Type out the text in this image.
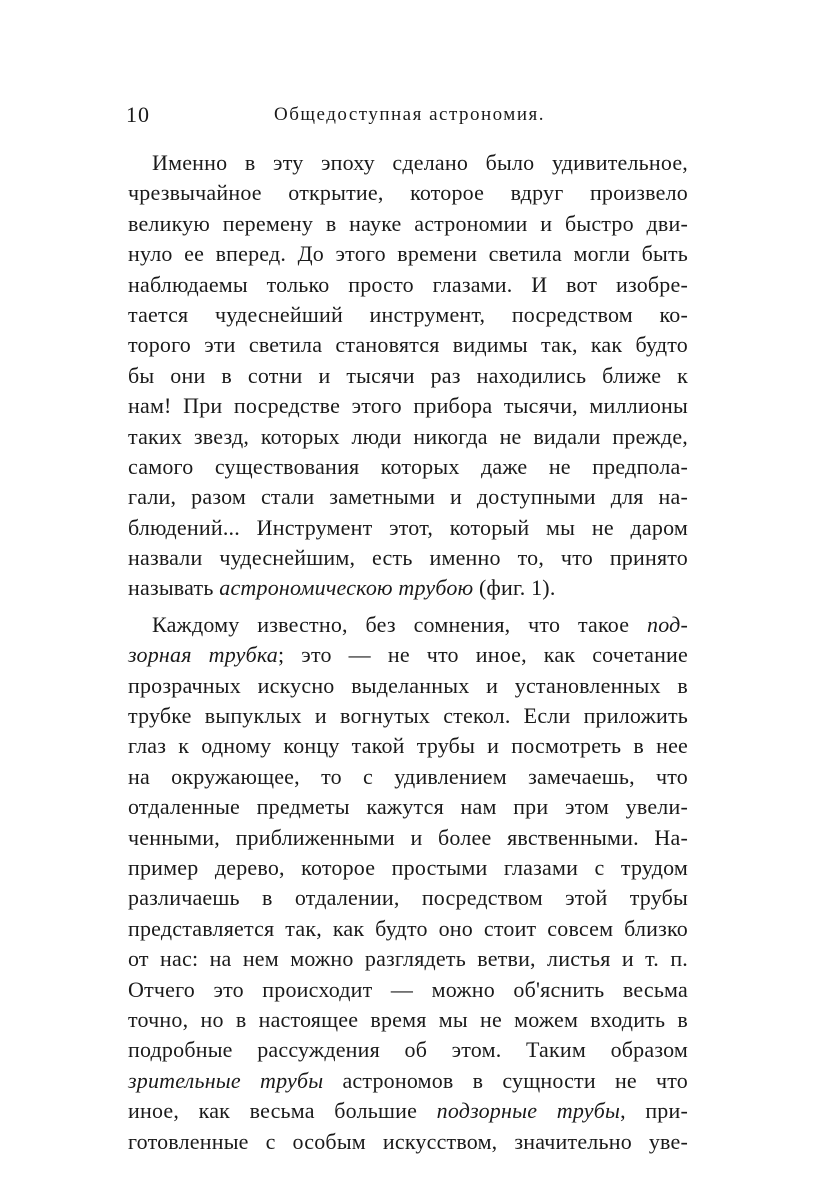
10	Общедоступная астрономия.
Именно в эту эпоху сделано было удивительное,
чрезвычайное открытие, которое вдруг произвело
великую перемену в науке астрономии и быстро дви-
нуло ее вперед. До этого времени светила могли быть
наблюдаемы только просто глазами. И вот изобре-
тается чудеснейший инструмент, посредством ко-
торого эти светила становятся видимы так, как будто
бы они в сотни и тысячи раз находились ближе к
нам! При посредстве этого прибора тысячи, миллионы
таких звезд, которых люди никогда не видали прежде,
самого существования которых даже не предпола-
гали, разом стали заметными и доступными для на-
блюдений... Инструмент этот, который мы не даром
назвали чудеснейшим, есть именно то, что принято
называть астрономическою трубою (фиг. 1).
Каждому известно, без сомнения, что такое под-
зорная трубка; это — не что иное, как сочетание
прозрачных искусно выделанных и установленных в
трубке выпуклых и вогнутых стекол. Если приложить
глаз к одному концу такой трубы и посмотреть в нее
на окружающее, то с удивлением замечаешь, что
отдаленные предметы кажутся нам при этом увели-
ченными, приближенными и более явственными. На-
пример дерево, которое простыми глазами с трудом
различаешь в отдалении, посредством этой трубы
представляется так, как будто оно стоит совсем близко
от нас: на нем можно разглядеть ветви, листья и т. п.
Отчего это происходит — можно об'яснить весьма
точно, но в настоящее время мы не можем входить в
подробные рассуждения об этом. Таким образом
зрительные трубы астрономов в сущности не что
иное, как весьма большие подзорные трубы, при-
готовленные с особым искусством, значительно уве-
